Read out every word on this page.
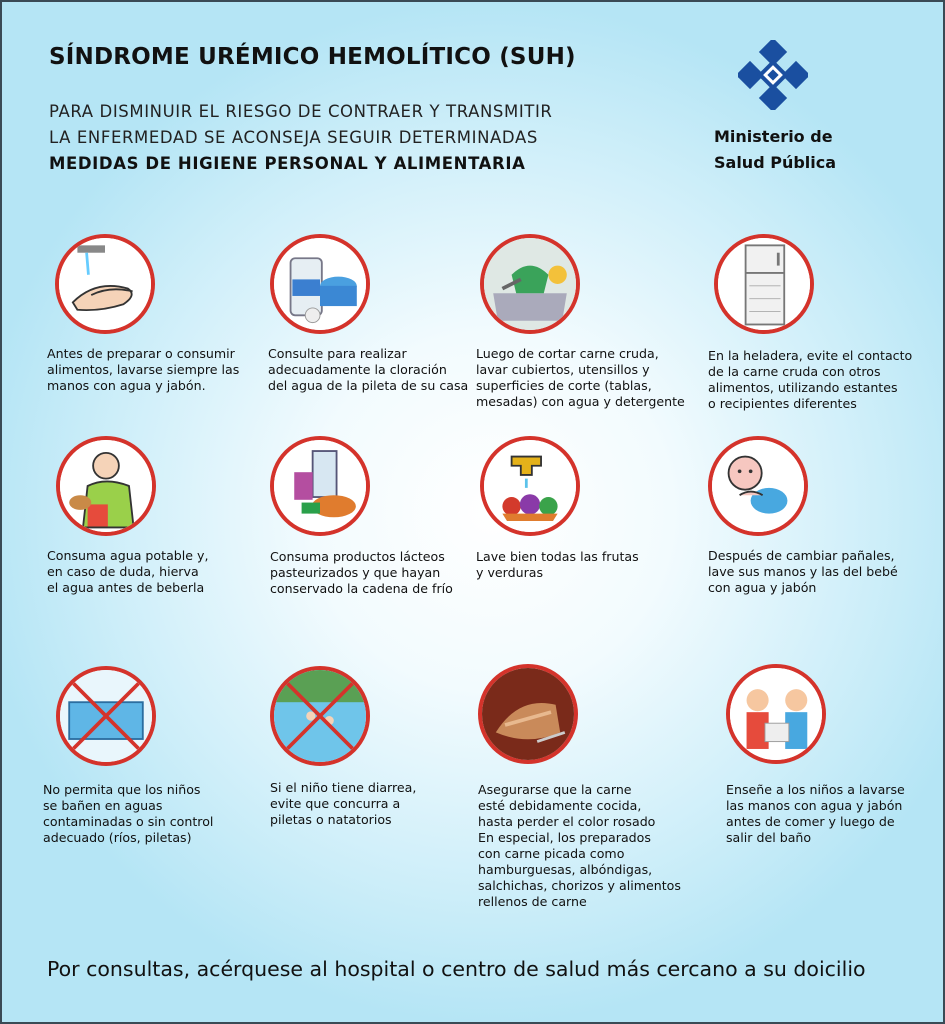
SÍNDROME URÉMICO HEMOLÍTICO (SUH)
PARA DISMINUIR EL RIESGO DE CONTRAER Y TRANSMITIR
LA ENFERMEDAD SE ACONSEJA SEGUIR DETERMINADAS
MEDIDAS DE HIGIENE PERSONAL Y ALIMENTARIA
Ministerio de
Salud Pública
Antes de preparar o consumir
alimentos, lavarse siempre las
manos con agua y jabón.
Consulte para realizar
adecuadamente la cloración
del agua de la pileta de su casa
Luego de cortar carne cruda,
lavar cubiertos, utensillos y
superficies de corte (tablas,
mesadas) con agua y detergente
En la heladera, evite el contacto
de la carne cruda con otros
alimentos, utilizando estantes
o recipientes diferentes
Consuma agua potable y,
en caso de duda, hierva
el agua antes de beberla
Consuma productos lácteos
pasteurizados y que hayan
conservado la cadena de frío
Lave bien todas las frutas
y verduras
Después de cambiar pañales,
lave sus manos y las del bebé
con agua y jabón
No permita que los niños
se bañen en aguas
contaminadas o sin control
adecuado (ríos, piletas)
Si el niño tiene diarrea,
evite que concurra a
piletas o natatorios
Asegurarse que la carne
esté debidamente cocida,
hasta perder el color rosado
En especial, los preparados
con carne picada como
hamburguesas, albóndigas,
salchichas, chorizos y alimentos
rellenos de carne
Enseñe a los niños a lavarse
las manos con agua y jabón
antes de comer y luego de
salir del baño
Por consultas, acérquese al hospital o centro de salud más cercano a su doicilio
